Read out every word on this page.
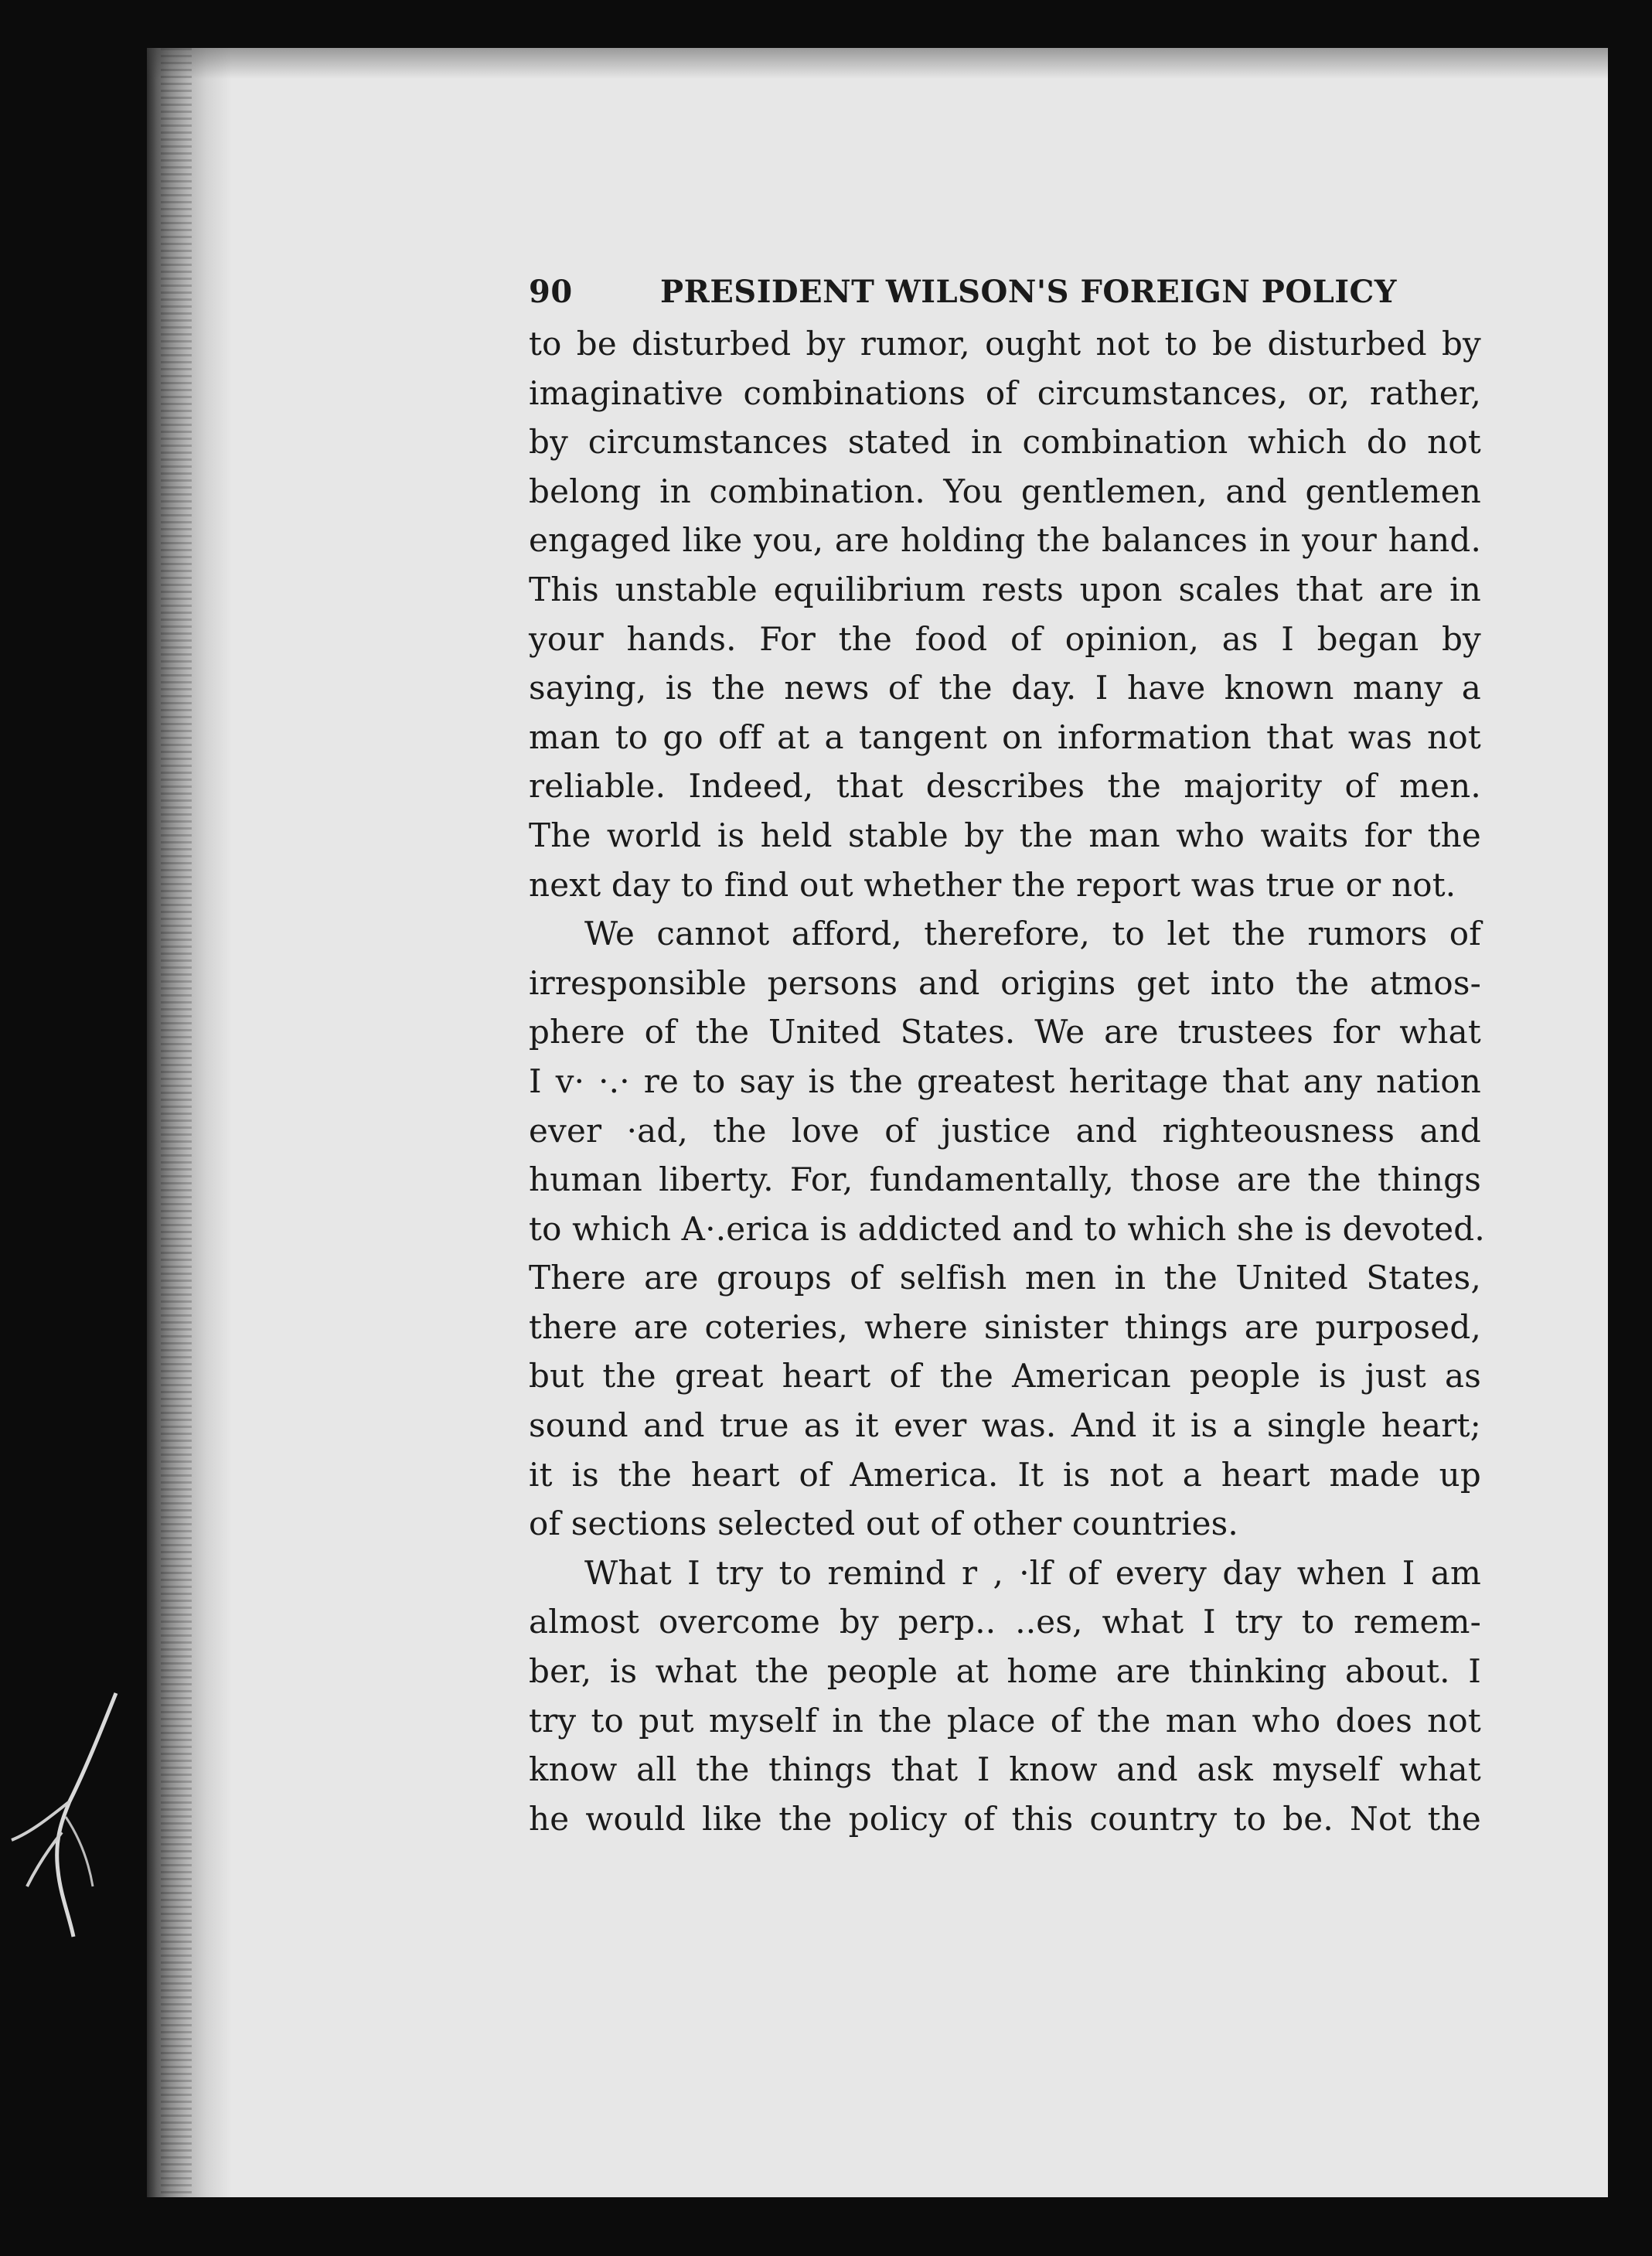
90	PRESIDENT WILSON'S FOREIGN POLICY
to be disturbed by rumor, ought not to be disturbed by
imaginative combinations of circumstances, or, rather,
by circumstances stated in combination which do not
belong in combination. You gentlemen, and gentlemen
engaged like you, are holding the balances in your hand.
This unstable equilibrium rests upon scales that are in
your hands. For the food of opinion, as I began by
saying, is the news of the day. I have known many a
man to go off at a tangent on information that was not
reliable. Indeed, that describes the majority of men.
The world is held stable by the man who waits for the
next day to find out whether the report was true or not.
We cannot afford, therefore, to let the rumors of
irresponsible persons and origins get into the atmos-
phere of the United States. We are trustees for what
I v· ·.· re to say is the greatest heritage that any nation
ever ·ad, the love of justice and righteousness and
human liberty. For, fundamentally, those are the things
to which A·.erica is addicted and to which she is devoted.
There are groups of selfish men in the United States,
there are coteries, where sinister things are purposed,
but the great heart of the American people is just as
sound and true as it ever was. And it is a single heart;
it is the heart of America. It is not a heart made up
of sections selected out of other countries.
What I try to remind r , ·lf of every day when I am
almost overcome by perp.. ..es, what I try to remem-
ber, is what the people at home are thinking about. I
try to put myself in the place of the man who does not
know all the things that I know and ask myself what
he would like the policy of this country to be. Not the
